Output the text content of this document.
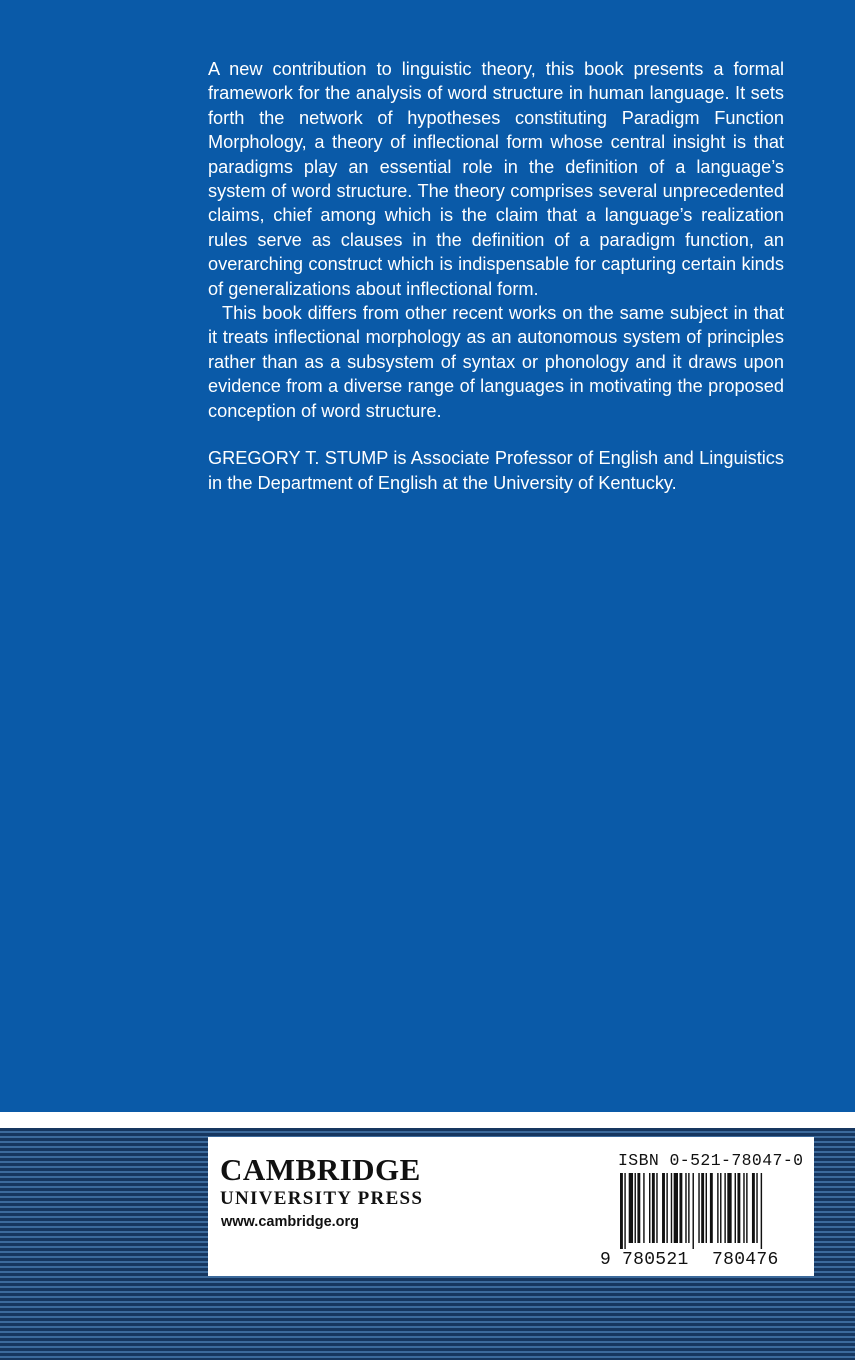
A new contribution to linguistic theory, this book presents a formal framework for the analysis of word structure in human language. It sets forth the network of hypotheses constituting Paradigm Function Morphology, a theory of inflectional form whose central insight is that paradigms play an essential role in the definition of a language’s system of word structure. The theory comprises several unprecedented claims, chief among which is the claim that a language’s realization rules serve as clauses in the definition of a paradigm function, an overarching construct which is indispensable for capturing certain kinds of generalizations about inflectional form.

This book differs from other recent works on the same subject in that it treats inflectional morphology as an autonomous system of principles rather than as a subsystem of syntax or phonology and it draws upon evidence from a diverse range of languages in motivating the proposed conception of word structure.

GREGORY T. STUMP is Associate Professor of English and Linguistics in the Department of English at the University of Kentucky.

CAMBRIDGE
UNIVERSITY PRESS
www.cambridge.org
ISBN 0-521-78047-0
9 780521 780476
